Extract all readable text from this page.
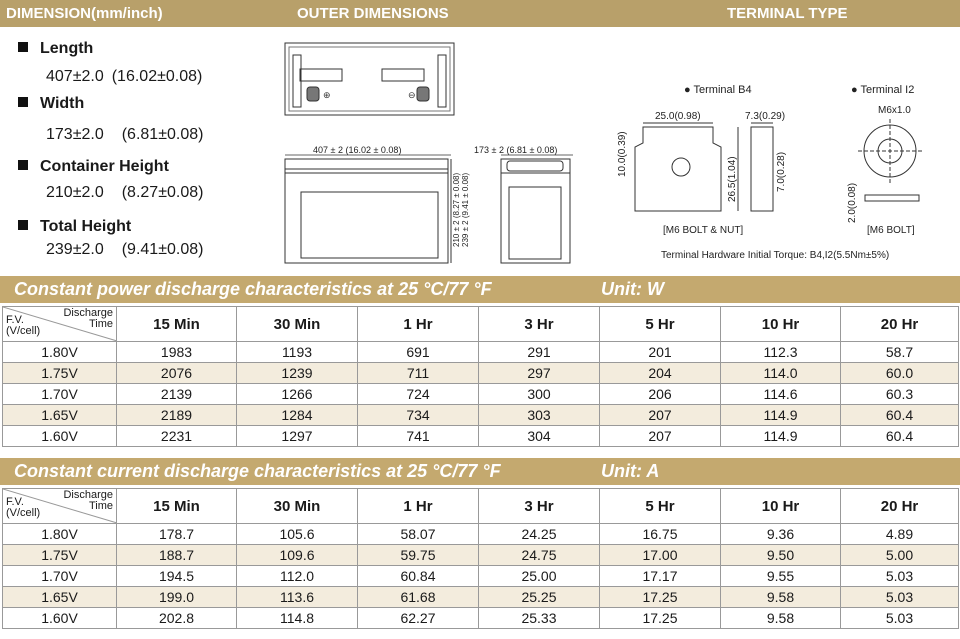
DIMENSION(mm/inch)	OUTER DIMENSIONS	TERMINAL TYPE
Length
407±2.0 (16.02±0.08)
Width
173±2.0 (6.81±0.08)
Container Height
210±2.0 (8.27±0.08)
Total Height
239±2.0 (9.41±0.08)
⊕	⊖
407 ± 2 (16.02 ± 0.08)
210 ± 2 (8.27 ± 0.08) 239 ± 2 (9.41 ± 0.08)
173 ± 2 (6.81 ± 0.08)
● Terminal B4	● Terminal I2
25.0(0.98)	7.3(0.29)
10.0(0.39)
26.5(1.04)	7.0(0.28)
[M6 BOLT & NUT]
M6x1.0
2.0(0.08)
[M6 BOLT]
Terminal Hardware Initial Torque: B4,I2(5.5Nm±5%)
Constant power discharge characteristics at 25 °C/77 °F	Unit: W
Discharge
Time
F.V.
(V/cell)	15 Min	30 Min	1 Hr	3 Hr	5 Hr	10 Hr	20 Hr
1.80V	1983	1193	691	291	201	112.3	58.7
1.75V	2076	1239	711	297	204	114.0	60.0
1.70V	2139	1266	724	300	206	114.6	60.3
1.65V	2189	1284	734	303	207	114.9	60.4
1.60V	2231	1297	741	304	207	114.9	60.4
Constant current discharge characteristics at 25 °C/77 °F	Unit: A
Discharge
Time
F.V.
(V/cell)	15 Min	30 Min	1 Hr	3 Hr	5 Hr	10 Hr	20 Hr
1.80V	178.7	105.6	58.07	24.25	16.75	9.36	4.89
1.75V	188.7	109.6	59.75	24.75	17.00	9.50	5.00
1.70V	194.5	112.0	60.84	25.00	17.17	9.55	5.03
1.65V	199.0	113.6	61.68	25.25	17.25	9.58	5.03
1.60V	202.8	114.8	62.27	25.33	17.25	9.58	5.03
